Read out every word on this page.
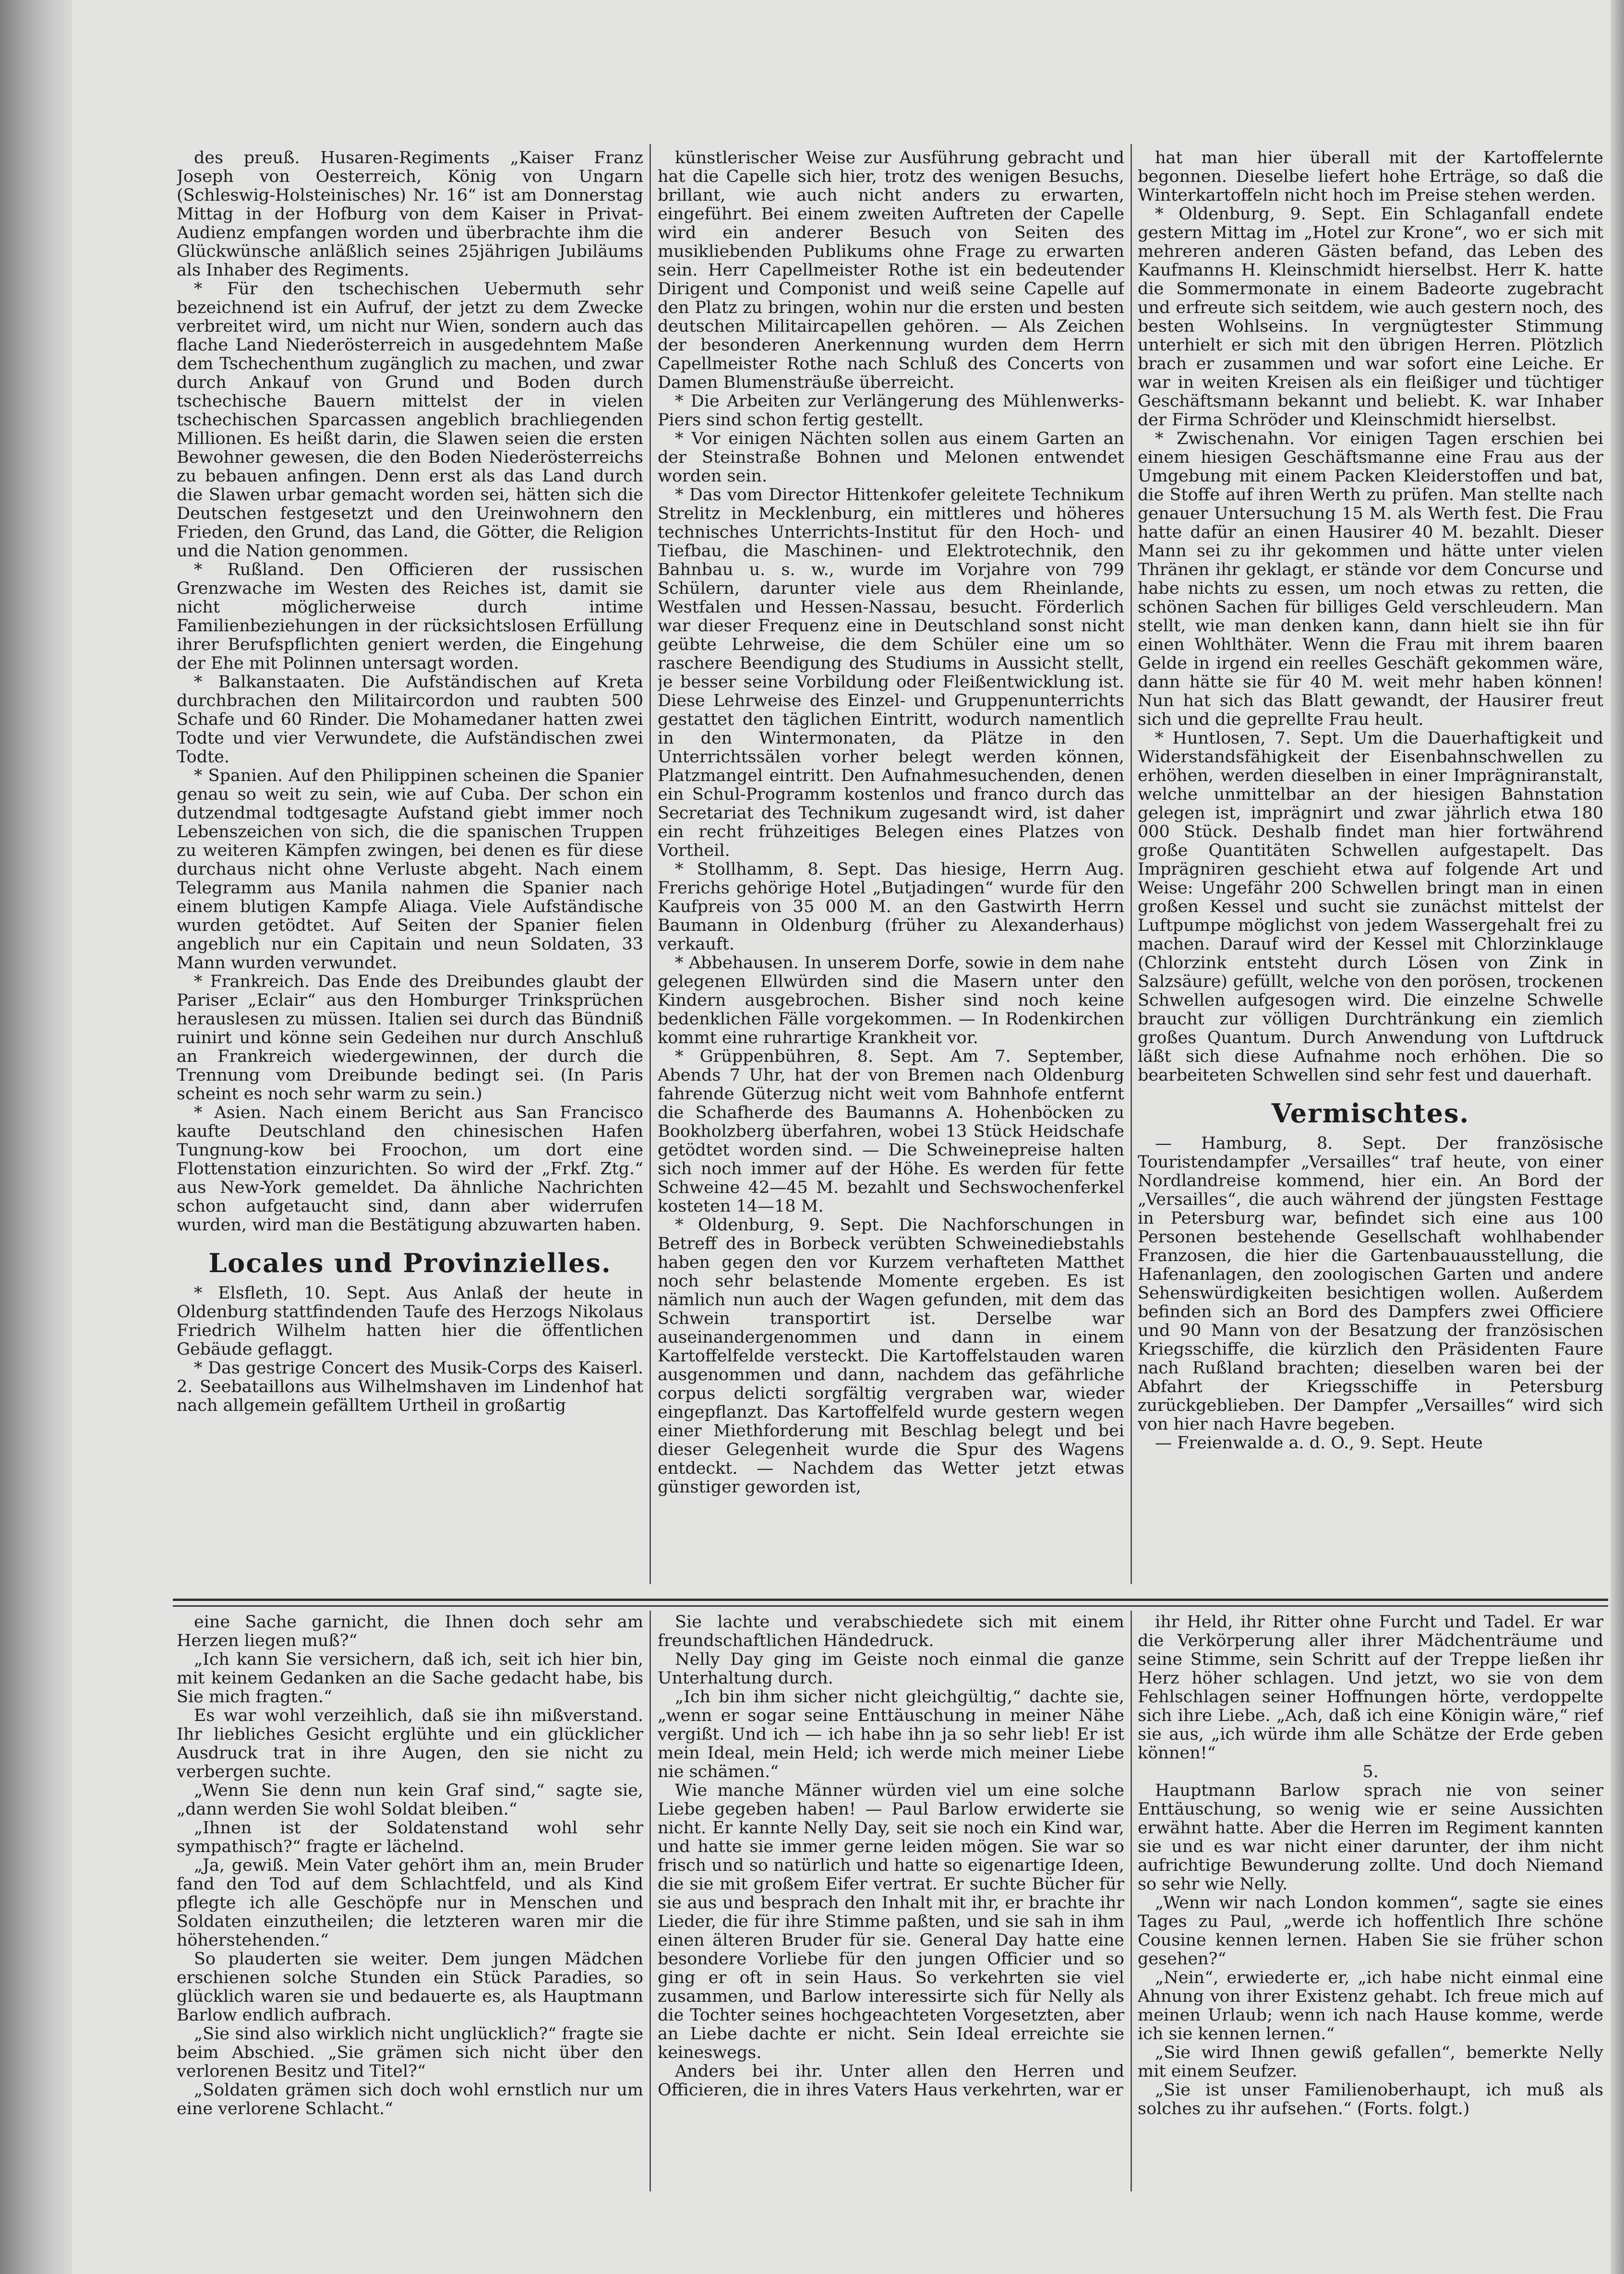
des preuß. Husaren-Regiments „Kaiser Franz Joseph von Oesterreich, König von Ungarn (Schleswig-Holsteinisches) Nr. 16“ ist am Donnerstag Mittag in der Hofburg von dem Kaiser in Privat-Audienz empfangen worden und überbrachte ihm die Glückwünsche anläßlich seines 25jährigen Jubiläums als Inhaber des Regiments.

* Für den tschechischen Uebermuth sehr bezeichnend ist ein Aufruf, der jetzt zu dem Zwecke verbreitet wird, um nicht nur Wien, sondern auch das flache Land Niederösterreich in ausgedehntem Maße dem Tschechenthum zugänglich zu machen, und zwar durch Ankauf von Grund und Boden durch tschechische Bauern mittelst der in vielen tschechischen Sparcassen angeblich brachliegenden Millionen. Es heißt darin, die Slawen seien die ersten Bewohner gewesen, die den Boden Niederösterreichs zu bebauen anfingen. Denn erst als das Land durch die Slawen urbar gemacht worden sei, hätten sich die Deutschen festgesetzt und den Ureinwohnern den Frieden, den Grund, das Land, die Götter, die Religion und die Nation genommen.

* Rußland. Den Officieren der russischen Grenzwache im Westen des Reiches ist, damit sie nicht möglicherweise durch intime Familienbeziehungen in der rücksichtslosen Erfüllung ihrer Berufspflichten geniert werden, die Eingehung der Ehe mit Polinnen untersagt worden.

* Balkanstaaten. Die Aufständischen auf Kreta durchbrachen den Militaircordon und raubten 500 Schafe und 60 Rinder. Die Mohamedaner hatten zwei Todte und vier Verwundete, die Aufständischen zwei Todte.

* Spanien. Auf den Philippinen scheinen die Spanier genau so weit zu sein, wie auf Cuba. Der schon ein dutzendmal todtgesagte Aufstand giebt immer noch Lebenszeichen von sich, die die spanischen Truppen zu weiteren Kämpfen zwingen, bei denen es für diese durchaus nicht ohne Verluste abgeht. Nach einem Telegramm aus Manila nahmen die Spanier nach einem blutigen Kampfe Aliaga. Viele Aufständische wurden getödtet. Auf Seiten der Spanier fielen angeblich nur ein Capitain und neun Soldaten, 33 Mann wurden verwundet.

* Frankreich. Das Ende des Dreibundes glaubt der Pariser „Eclair“ aus den Homburger Trinksprüchen herauslesen zu müssen. Italien sei durch das Bündniß ruinirt und könne sein Gedeihen nur durch Anschluß an Frankreich wiedergewinnen, der durch die Trennung vom Dreibunde bedingt sei. (In Paris scheint es noch sehr warm zu sein.)

* Asien. Nach einem Bericht aus San Francisco kaufte Deutschland den chinesischen Hafen Tungnung-kow bei Froochon, um dort eine Flottenstation einzurichten. So wird der „Frkf. Ztg.“ aus New-York gemeldet. Da ähnliche Nachrichten schon aufgetaucht sind, dann aber widerrufen wurden, wird man die Bestätigung abzuwarten haben.

Locales und Provinzielles.

* Elsfleth, 10. Sept. Aus Anlaß der heute in Oldenburg stattfindenden Taufe des Herzogs Nikolaus Friedrich Wilhelm hatten hier die öffentlichen Gebäude geflaggt.

* Das gestrige Concert des Musik-Corps des Kaiserl. 2. Seebataillons aus Wilhelmshaven im Lindenhof hat nach allgemein gefälltem Urtheil in großartig

künstlerischer Weise zur Ausführung gebracht und hat die Capelle sich hier, trotz des wenigen Besuchs, brillant, wie auch nicht anders zu erwarten, eingeführt. Bei einem zweiten Auftreten der Capelle wird ein anderer Besuch von Seiten des musikliebenden Publikums ohne Frage zu erwarten sein. Herr Capellmeister Rothe ist ein bedeutender Dirigent und Componist und weiß seine Capelle auf den Platz zu bringen, wohin nur die ersten und besten deutschen Militaircapellen gehören. — Als Zeichen der besonderen Anerkennung wurden dem Herrn Capellmeister Rothe nach Schluß des Concerts von Damen Blumensträuße überreicht.

* Die Arbeiten zur Verlängerung des Mühlenwerks-Piers sind schon fertig gestellt.

* Vor einigen Nächten sollen aus einem Garten an der Steinstraße Bohnen und Melonen entwendet worden sein.

* Das vom Director Hittenkofer geleitete Technikum Strelitz in Mecklenburg, ein mittleres und höheres technisches Unterrichts-Institut für den Hoch- und Tiefbau, die Maschinen- und Elektrotechnik, den Bahnbau u. s. w., wurde im Vorjahre von 799 Schülern, darunter viele aus dem Rheinlande, Westfalen und Hessen-Nassau, besucht. Förderlich war dieser Frequenz eine in Deutschland sonst nicht geübte Lehrweise, die dem Schüler eine um so raschere Beendigung des Studiums in Aussicht stellt, je besser seine Vorbildung oder Fleißentwicklung ist. Diese Lehrweise des Einzel- und Gruppenunterrichts gestattet den täglichen Eintritt, wodurch namentlich in den Wintermonaten, da Plätze in den Unterrichtssälen vorher belegt werden können, Platzmangel eintritt. Den Aufnahmesuchenden, denen ein Schul-Programm kostenlos und franco durch das Secretariat des Technikum zugesandt wird, ist daher ein recht frühzeitiges Belegen eines Platzes von Vortheil.

* Stollhamm, 8. Sept. Das hiesige, Herrn Aug. Frerichs gehörige Hotel „Butjadingen“ wurde für den Kaufpreis von 35 000 M. an den Gastwirth Herrn Baumann in Oldenburg (früher zu Alexanderhaus) verkauft.

* Abbehausen. In unserem Dorfe, sowie in dem nahe gelegenen Ellwürden sind die Masern unter den Kindern ausgebrochen. Bisher sind noch keine bedenklichen Fälle vorgekommen. — In Rodenkirchen kommt eine ruhrartige Krankheit vor.

* Grüppenbühren, 8. Sept. Am 7. September, Abends 7 Uhr, hat der von Bremen nach Oldenburg fahrende Güterzug nicht weit vom Bahnhofe entfernt die Schafherde des Baumanns A. Hohenböcken zu Bookholzberg überfahren, wobei 13 Stück Heidschafe getödtet worden sind. — Die Schweinepreise halten sich noch immer auf der Höhe. Es werden für fette Schweine 42—45 M. bezahlt und Sechswochenferkel kosteten 14—18 M.

* Oldenburg, 9. Sept. Die Nachforschungen in Betreff des in Borbeck verübten Schweinediebstahls haben gegen den vor Kurzem verhafteten Matthet noch sehr belastende Momente ergeben. Es ist nämlich nun auch der Wagen gefunden, mit dem das Schwein transportirt ist. Derselbe war auseinandergenommen und dann in einem Kartoffelfelde versteckt. Die Kartoffelstauden waren ausgenommen und dann, nachdem das gefährliche corpus delicti sorgfältig vergraben war, wieder eingepflanzt. Das Kartoffelfeld wurde gestern wegen einer Miethforderung mit Beschlag belegt und bei dieser Gelegenheit wurde die Spur des Wagens entdeckt. — Nachdem das Wetter jetzt etwas günstiger geworden ist,

hat man hier überall mit der Kartoffelernte begonnen. Dieselbe liefert hohe Erträge, so daß die Winterkartoffeln nicht hoch im Preise stehen werden.

* Oldenburg, 9. Sept. Ein Schlaganfall endete gestern Mittag im „Hotel zur Krone“, wo er sich mit mehreren anderen Gästen befand, das Leben des Kaufmanns H. Kleinschmidt hierselbst. Herr K. hatte die Sommermonate in einem Badeorte zugebracht und erfreute sich seitdem, wie auch gestern noch, des besten Wohlseins. In vergnügtester Stimmung unterhielt er sich mit den übrigen Herren. Plötzlich brach er zusammen und war sofort eine Leiche. Er war in weiten Kreisen als ein fleißiger und tüchtiger Geschäftsmann bekannt und beliebt. K. war Inhaber der Firma Schröder und Kleinschmidt hierselbst.

* Zwischenahn. Vor einigen Tagen erschien bei einem hiesigen Geschäftsmanne eine Frau aus der Umgebung mit einem Packen Kleiderstoffen und bat, die Stoffe auf ihren Werth zu prüfen. Man stellte nach genauer Untersuchung 15 M. als Werth fest. Die Frau hatte dafür an einen Hausirer 40 M. bezahlt. Dieser Mann sei zu ihr gekommen und hätte unter vielen Thränen ihr geklagt, er stände vor dem Concurse und habe nichts zu essen, um noch etwas zu retten, die schönen Sachen für billiges Geld verschleudern. Man stellt, wie man denken kann, dann hielt sie ihn für einen Wohlthäter. Wenn die Frau mit ihrem baaren Gelde in irgend ein reelles Geschäft gekommen wäre, dann hätte sie für 40 M. weit mehr haben können! Nun hat sich das Blatt gewandt, der Hausirer freut sich und die geprellte Frau heult.

* Huntlosen, 7. Sept. Um die Dauerhaftigkeit und Widerstandsfähigkeit der Eisenbahnschwellen zu erhöhen, werden dieselben in einer Imprägniranstalt, welche unmittelbar an der hiesigen Bahnstation gelegen ist, imprägnirt und zwar jährlich etwa 180 000 Stück. Deshalb findet man hier fortwährend große Quantitäten Schwellen aufgestapelt. Das Imprägniren geschieht etwa auf folgende Art und Weise: Ungefähr 200 Schwellen bringt man in einen großen Kessel und sucht sie zunächst mittelst der Luftpumpe möglichst von jedem Wassergehalt frei zu machen. Darauf wird der Kessel mit Chlorzinklauge (Chlorzink entsteht durch Lösen von Zink in Salzsäure) gefüllt, welche von den porösen, trockenen Schwellen aufgesogen wird. Die einzelne Schwelle braucht zur völligen Durchtränkung ein ziemlich großes Quantum. Durch Anwendung von Luftdruck läßt sich diese Aufnahme noch erhöhen. Die so bearbeiteten Schwellen sind sehr fest und dauerhaft.

Vermischtes.

— Hamburg, 8. Sept. Der französische Touristendampfer „Versailles“ traf heute, von einer Nordlandreise kommend, hier ein. An Bord der „Versailles“, die auch während der jüngsten Festtage in Petersburg war, befindet sich eine aus 100 Personen bestehende Gesellschaft wohlhabender Franzosen, die hier die Gartenbauausstellung, die Hafenanlagen, den zoologischen Garten und andere Sehenswürdigkeiten besichtigen wollen. Außerdem befinden sich an Bord des Dampfers zwei Officiere und 90 Mann von der Besatzung der französischen Kriegsschiffe, die kürzlich den Präsidenten Faure nach Rußland brachten; dieselben waren bei der Abfahrt der Kriegsschiffe in Petersburg zurückgeblieben. Der Dampfer „Versailles“ wird sich von hier nach Havre begeben.

— Freienwalde a. d. O., 9. Sept. Heute

eine Sache garnicht, die Ihnen doch sehr am Herzen liegen muß?“

„Ich kann Sie versichern, daß ich, seit ich hier bin, mit keinem Gedanken an die Sache gedacht habe, bis Sie mich fragten.“

Es war wohl verzeihlich, daß sie ihn mißverstand. Ihr liebliches Gesicht erglühte und ein glücklicher Ausdruck trat in ihre Augen, den sie nicht zu verbergen suchte.

„Wenn Sie denn nun kein Graf sind,“ sagte sie, „dann werden Sie wohl Soldat bleiben.“

„Ihnen ist der Soldatenstand wohl sehr sympathisch?“ fragte er lächelnd.

„Ja, gewiß. Mein Vater gehört ihm an, mein Bruder fand den Tod auf dem Schlachtfeld, und als Kind pflegte ich alle Geschöpfe nur in Menschen und Soldaten einzutheilen; die letzteren waren mir die höherstehenden.“

So plauderten sie weiter. Dem jungen Mädchen erschienen solche Stunden ein Stück Paradies, so glücklich waren sie und bedauerte es, als Hauptmann Barlow endlich aufbrach.

„Sie sind also wirklich nicht unglücklich?“ fragte sie beim Abschied. „Sie grämen sich nicht über den verlorenen Besitz und Titel?“

„Soldaten grämen sich doch wohl ernstlich nur um eine verlorene Schlacht.“

Sie lachte und verabschiedete sich mit einem freundschaftlichen Händedruck.

Nelly Day ging im Geiste noch einmal die ganze Unterhaltung durch.

„Ich bin ihm sicher nicht gleichgültig,“ dachte sie, „wenn er sogar seine Enttäuschung in meiner Nähe vergißt. Und ich — ich habe ihn ja so sehr lieb! Er ist mein Ideal, mein Held; ich werde mich meiner Liebe nie schämen.“

Wie manche Männer würden viel um eine solche Liebe gegeben haben! — Paul Barlow erwiderte sie nicht. Er kannte Nelly Day, seit sie noch ein Kind war, und hatte sie immer gerne leiden mögen. Sie war so frisch und so natürlich und hatte so eigenartige Ideen, die sie mit großem Eifer vertrat. Er suchte Bücher für sie aus und besprach den Inhalt mit ihr, er brachte ihr Lieder, die für ihre Stimme paßten, und sie sah in ihm einen älteren Bruder für sie. General Day hatte eine besondere Vorliebe für den jungen Officier und so ging er oft in sein Haus. So verkehrten sie viel zusammen, und Barlow interessirte sich für Nelly als die Tochter seines hochgeachteten Vorgesetzten, aber an Liebe dachte er nicht. Sein Ideal erreichte sie keineswegs.

Anders bei ihr. Unter allen den Herren und Officieren, die in ihres Vaters Haus verkehrten, war er

ihr Held, ihr Ritter ohne Furcht und Tadel. Er war die Verkörperung aller ihrer Mädchenträume und seine Stimme, sein Schritt auf der Treppe ließen ihr Herz höher schlagen. Und jetzt, wo sie von dem Fehlschlagen seiner Hoffnungen hörte, verdoppelte sich ihre Liebe. „Ach, daß ich eine Königin wäre,“ rief sie aus, „ich würde ihm alle Schätze der Erde geben können!“

5.

Hauptmann Barlow sprach nie von seiner Enttäuschung, so wenig wie er seine Aussichten erwähnt hatte. Aber die Herren im Regiment kannten sie und es war nicht einer darunter, der ihm nicht aufrichtige Bewunderung zollte. Und doch Niemand so sehr wie Nelly.

„Wenn wir nach London kommen“, sagte sie eines Tages zu Paul, „werde ich hoffentlich Ihre schöne Cousine kennen lernen. Haben Sie sie früher schon gesehen?“

„Nein“, erwiederte er, „ich habe nicht einmal eine Ahnung von ihrer Existenz gehabt. Ich freue mich auf meinen Urlaub; wenn ich nach Hause komme, werde ich sie kennen lernen.“

„Sie wird Ihnen gewiß gefallen“, bemerkte Nelly mit einem Seufzer.

„Sie ist unser Familienoberhaupt, ich muß als solches zu ihr aufsehen.“ (Forts. folgt.)
